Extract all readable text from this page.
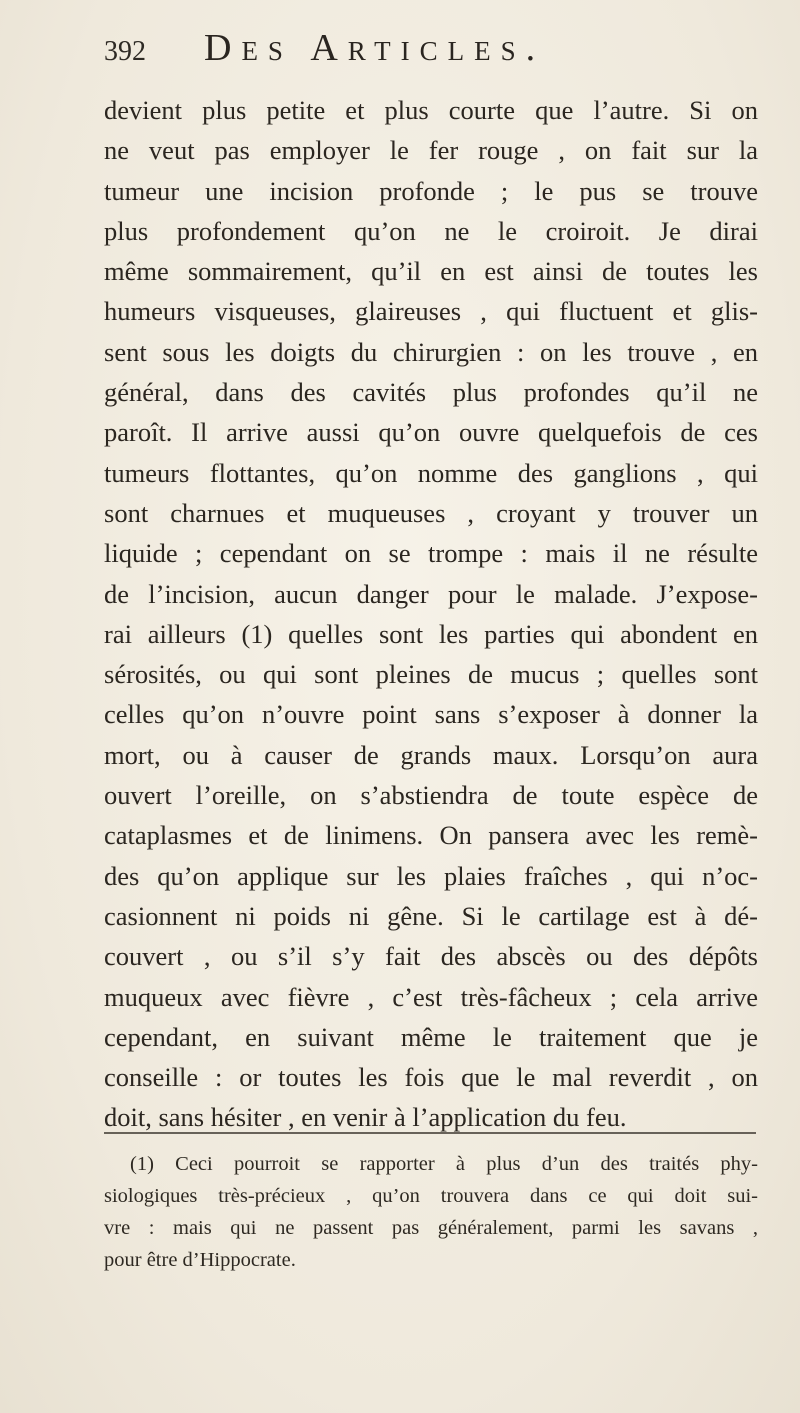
392	Des Articles.
devient plus petite et plus courte que l’autre. Si on
ne veut pas employer le fer rouge , on fait sur la
tumeur une incision profonde ; le pus se trouve
plus profondement qu’on ne le croiroit. Je dirai
même sommairement, qu’il en est ainsi de toutes les
humeurs visqueuses, glaireuses , qui fluctuent et glis-
sent sous les doigts du chirurgien : on les trouve , en
général, dans des cavités plus profondes qu’il ne
paroît. Il arrive aussi qu’on ouvre quelquefois de ces
tumeurs flottantes, qu’on nomme des ganglions , qui
sont charnues et muqueuses , croyant y trouver un
liquide ; cependant on se trompe : mais il ne résulte
de l’incision, aucun danger pour le malade. J’expose-
rai ailleurs (1) quelles sont les parties qui abondent en
sérosités, ou qui sont pleines de mucus ; quelles sont
celles qu’on n’ouvre point sans s’exposer à donner la
mort, ou à causer de grands maux. Lorsqu’on aura
ouvert l’oreille, on s’abstiendra de toute espèce de
cataplasmes et de linimens. On pansera avec les remè-
des qu’on applique sur les plaies fraîches , qui n’oc-
casionnent ni poids ni gêne. Si le cartilage est à dé-
couvert , ou s’il s’y fait des abscès ou des dépôts
muqueux avec fièvre , c’est très-fâcheux ; cela arrive
cependant, en suivant même le traitement que je
conseille : or toutes les fois que le mal reverdit , on
doit, sans hésiter , en venir à l’application du feu.
(1) Ceci pourroit se rapporter à plus d’un des traités phy-
siologiques très-précieux , qu’on trouvera dans ce qui doit sui-
vre : mais qui ne passent pas généralement, parmi les savans ,
pour être d’Hippocrate.
